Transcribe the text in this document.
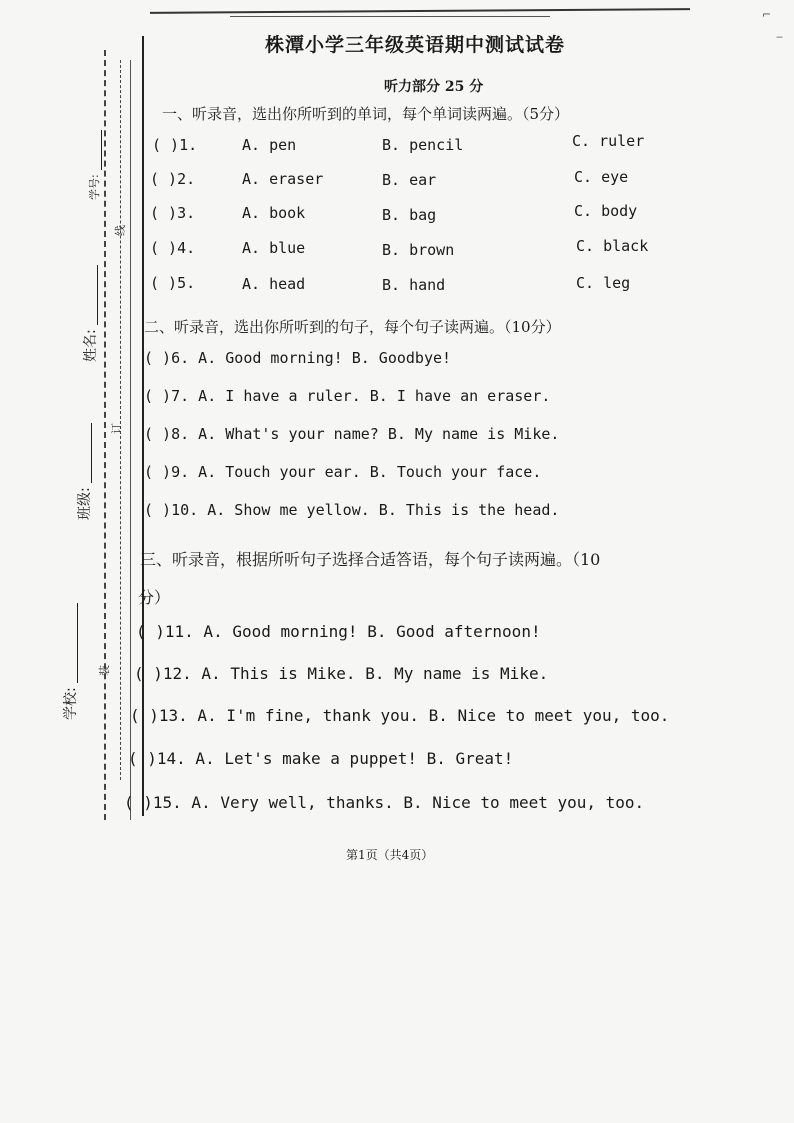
学校:
班级:
姓名:
学号:
装
订
线
⌐
‒
株潭小学三年级英语期中测试试卷
听力部分 25 分
一、听录音，选出你所听到的单词，每个单词读两遍。（5分）
( )1.	A. pen	B. pencil	C. ruler
( )2.	A. eraser	B. ear	C. eye
( )3.	A. book	B. bag	C. body
( )4.	A. blue	B. brown	C. black
( )5.	A. head	B. hand	C. leg
二、听录音，选出你所听到的句子，每个句子读两遍。（10分）
( )6. A. Good morning! B. Goodbye!
( )7. A. I have a ruler. B. I have an eraser.
( )8. A. What's your name? B. My name is Mike.
( )9. A. Touch your ear. B. Touch your face.
( )10. A. Show me yellow. B. This is the head.
三、听录音，根据所听句子选择合适答语，每个句子读两遍。（10
分）
( )11. A. Good morning! B. Good afternoon!
( )12. A. This is Mike. B. My name is Mike.
( )13. A. I'm fine, thank you. B. Nice to meet you, too.
( )14. A. Let's make a puppet! B. Great!
( )15. A. Very well, thanks. B. Nice to meet you, too.
第1页（共4页）
